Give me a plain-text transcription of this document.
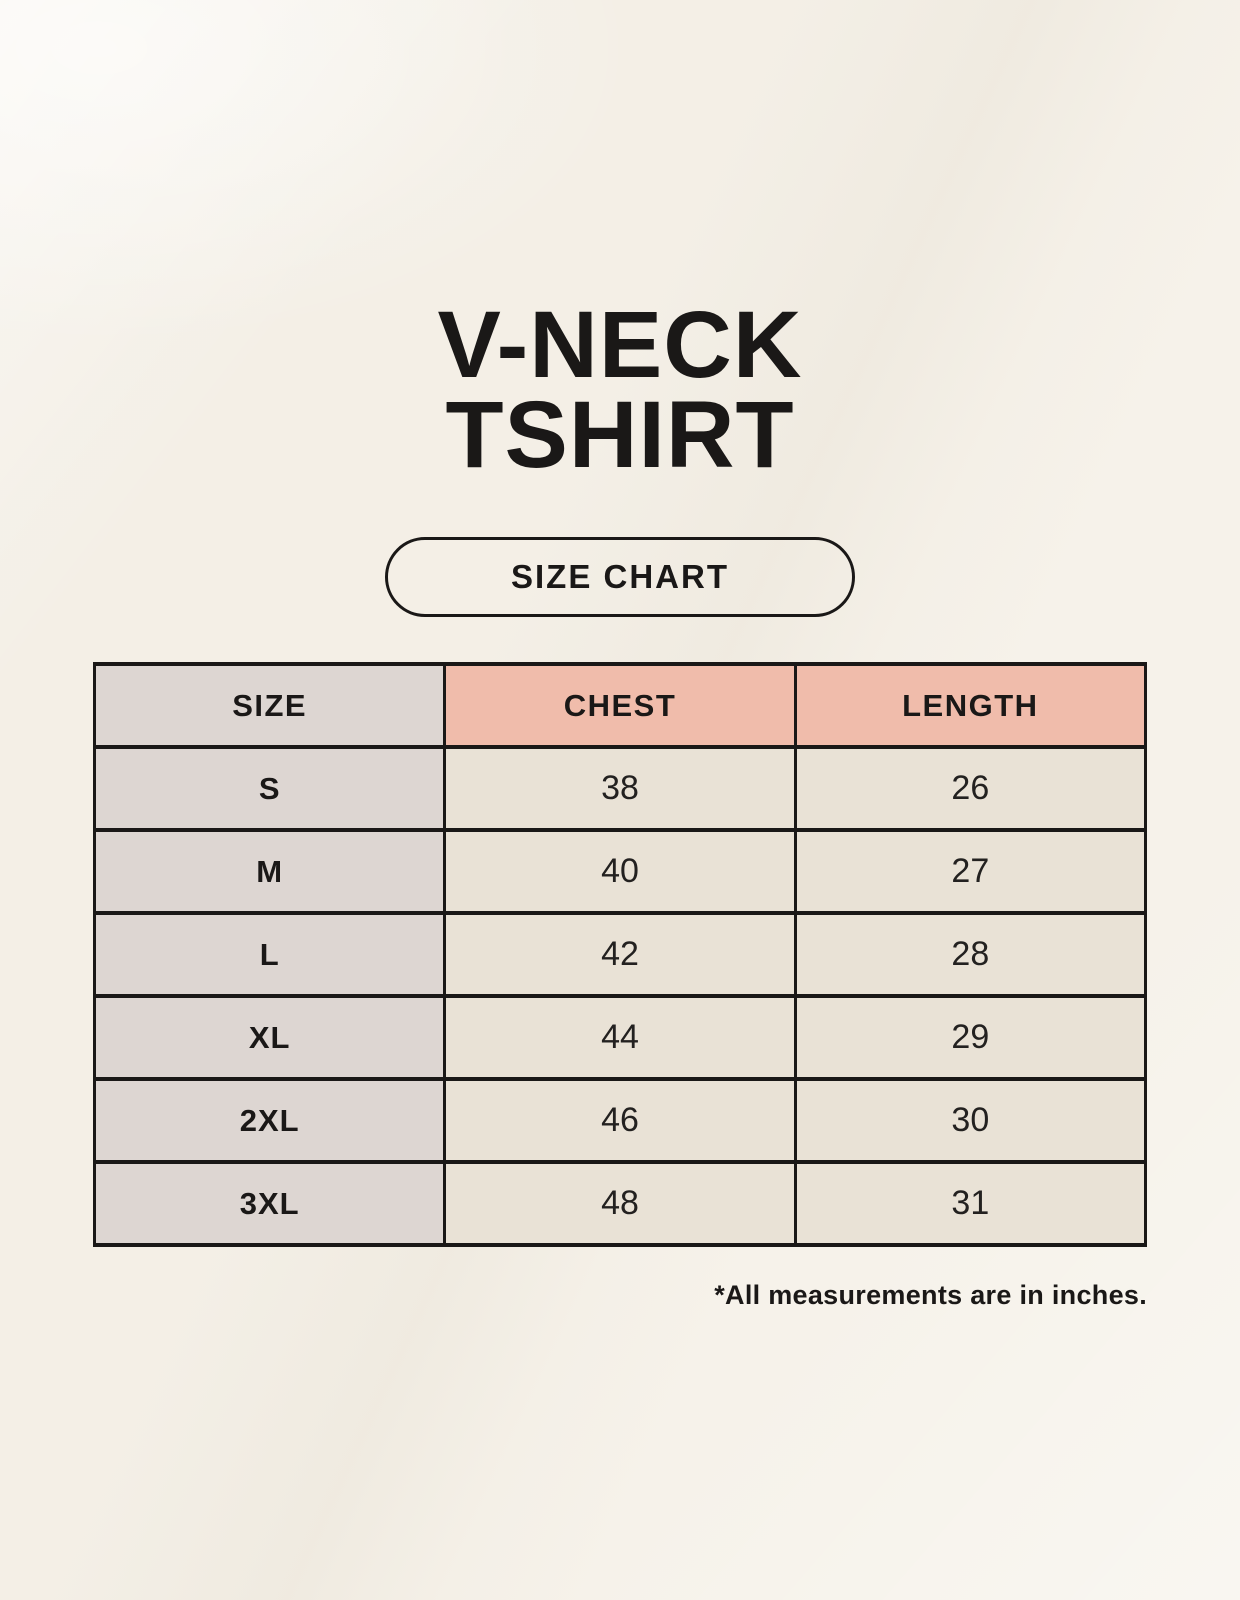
V-NECK
TSHIRT
SIZE CHART
SIZE	CHEST	LENGTH
S	38	26
M	40	27
L	42	28
XL	44	29
2XL	46	30
3XL	48	31

*All measurements are in inches.
